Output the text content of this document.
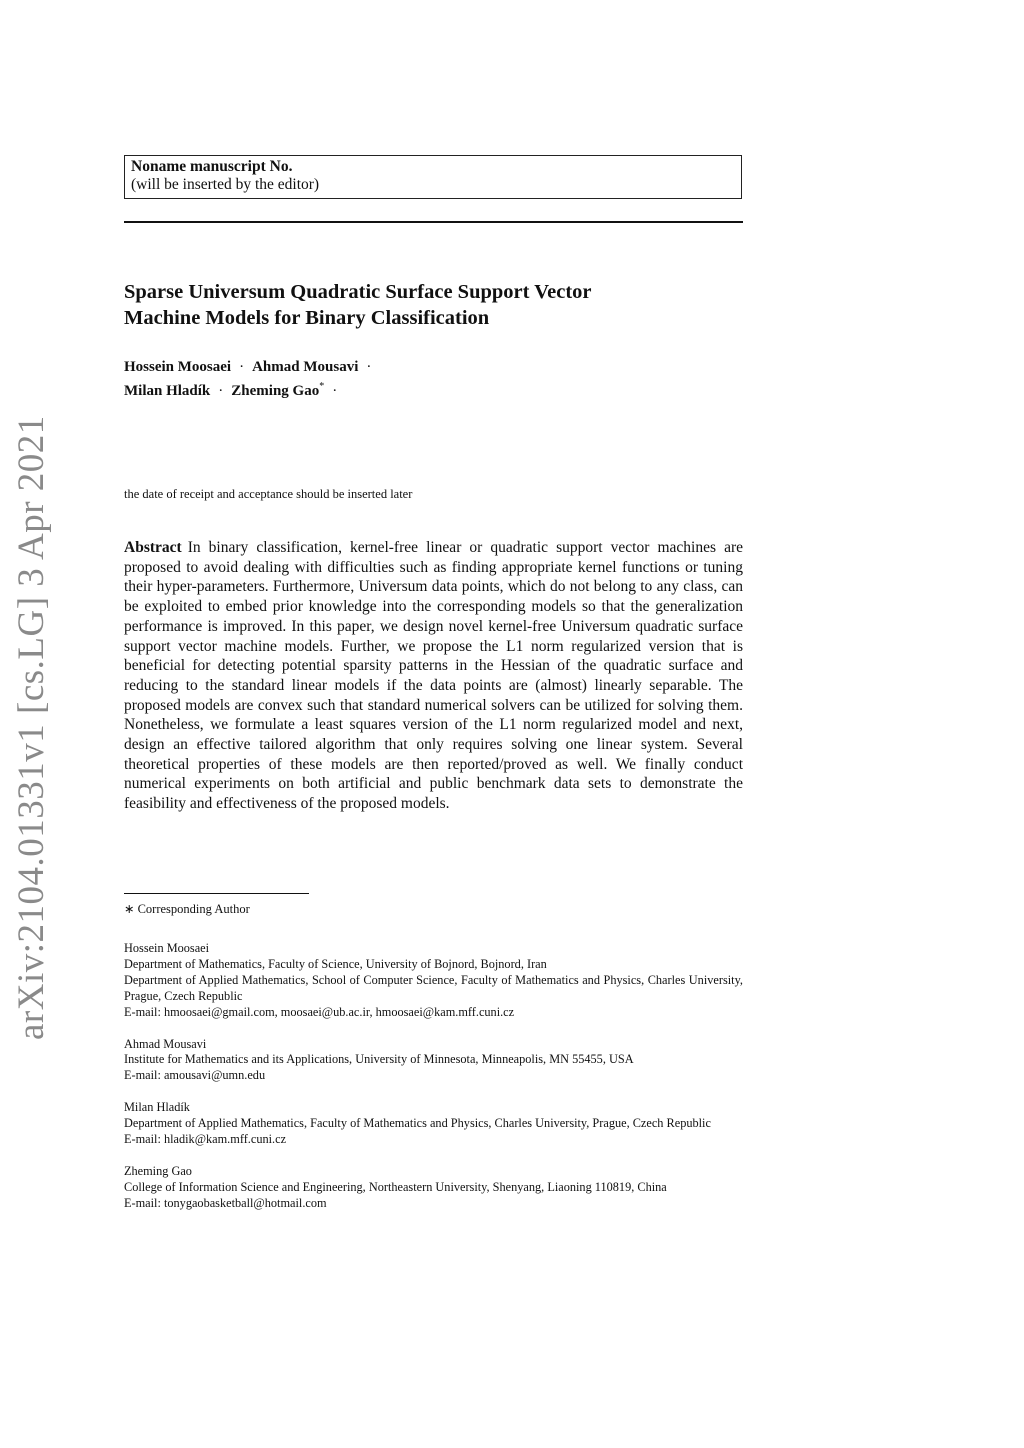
arXiv:2104.01331v1 [cs.LG] 3 Apr 2021
Noname manuscript No.
(will be inserted by the editor)
Sparse Universum Quadratic Surface Support Vector
Machine Models for Binary Classification
Hossein Moosaei · Ahmad Mousavi ·
Milan Hladík · Zheming Gao* ·
the date of receipt and acceptance should be inserted later
Abstract In binary classification, kernel-free linear or quadratic support vector machines are proposed to avoid dealing with difficulties such as finding appropriate kernel functions or tuning their hyper-parameters. Furthermore, Universum data points, which do not belong to any class, can be exploited to embed prior knowledge into the corresponding models so that the generalization performance is improved. In this paper, we design novel kernel-free Universum quadratic surface support vector machine models. Further, we propose the L1 norm regularized version that is beneficial for detecting potential sparsity patterns in the Hessian of the quadratic surface and reducing to the standard linear models if the data points are (almost) linearly separable. The proposed models are convex such that standard numerical solvers can be utilized for solving them. Nonetheless, we formulate a least squares version of the L1 norm regularized model and next, design an effective tailored algorithm that only requires solving one linear system. Several theoretical properties of these models are then reported/proved as well. We finally conduct numerical experiments on both artificial and public benchmark data sets to demonstrate the feasibility and effectiveness of the proposed models.
∗ Corresponding Author
Hossein Moosaei
Department of Mathematics, Faculty of Science, University of Bojnord, Bojnord, Iran
Department of Applied Mathematics, School of Computer Science, Faculty of Mathematics and Physics, Charles University, Prague, Czech Republic
E-mail: hmoosaei@gmail.com, moosaei@ub.ac.ir, hmoosaei@kam.mff.cuni.cz
Ahmad Mousavi
Institute for Mathematics and its Applications, University of Minnesota, Minneapolis, MN 55455, USA
E-mail: amousavi@umn.edu
Milan Hladík
Department of Applied Mathematics, Faculty of Mathematics and Physics, Charles University, Prague, Czech Republic
E-mail: hladik@kam.mff.cuni.cz
Zheming Gao
College of Information Science and Engineering, Northeastern University, Shenyang, Liaoning 110819, China
E-mail: tonygaobasketball@hotmail.com
